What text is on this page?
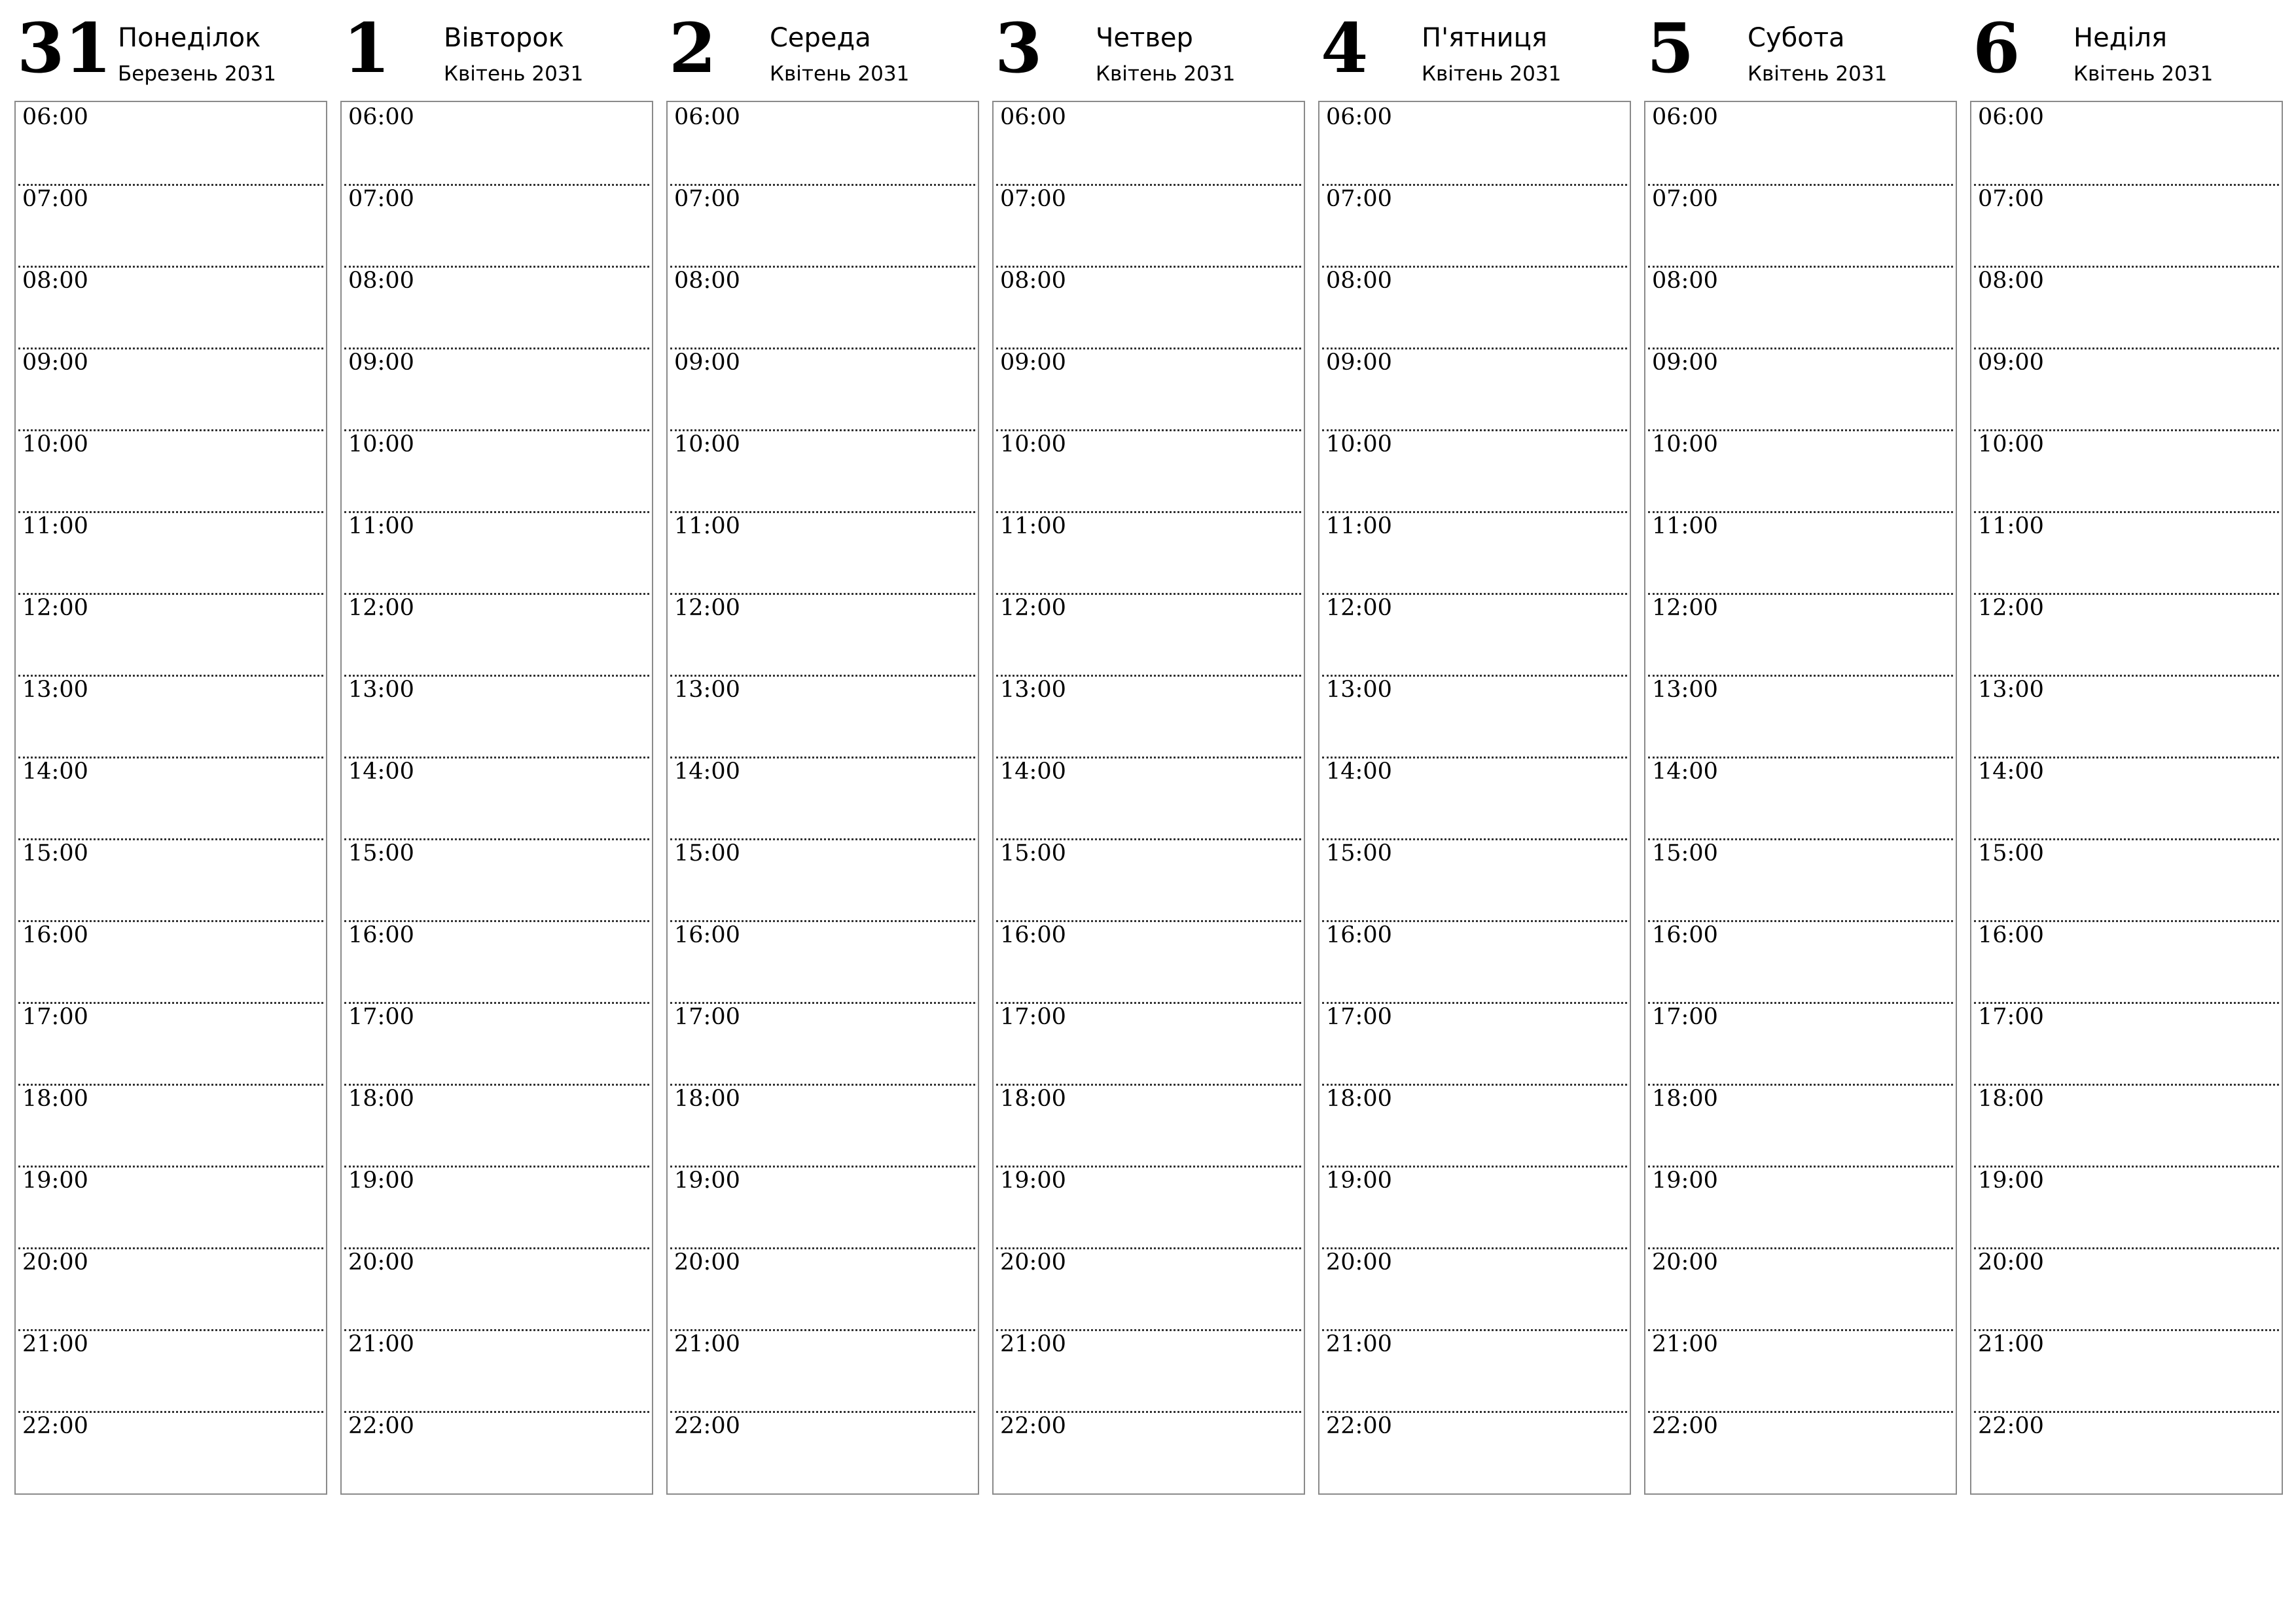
31 Понеділок
Березень 2031
06:00
07:00
08:00
09:00
10:00
11:00
12:00
13:00
14:00
15:00
16:00
17:00
18:00
19:00
20:00
21:00
22:00
1 Вівторок
Квітень 2031
06:00
07:00
08:00
09:00
10:00
11:00
12:00
13:00
14:00
15:00
16:00
17:00
18:00
19:00
20:00
21:00
22:00
2 Середа
Квітень 2031
06:00
07:00
08:00
09:00
10:00
11:00
12:00
13:00
14:00
15:00
16:00
17:00
18:00
19:00
20:00
21:00
22:00
3 Четвер
Квітень 2031
06:00
07:00
08:00
09:00
10:00
11:00
12:00
13:00
14:00
15:00
16:00
17:00
18:00
19:00
20:00
21:00
22:00
4 П'ятниця
Квітень 2031
06:00
07:00
08:00
09:00
10:00
11:00
12:00
13:00
14:00
15:00
16:00
17:00
18:00
19:00
20:00
21:00
22:00
5 Субота
Квітень 2031
06:00
07:00
08:00
09:00
10:00
11:00
12:00
13:00
14:00
15:00
16:00
17:00
18:00
19:00
20:00
21:00
22:00
6 Неділя
Квітень 2031
06:00
07:00
08:00
09:00
10:00
11:00
12:00
13:00
14:00
15:00
16:00
17:00
18:00
19:00
20:00
21:00
22:00
